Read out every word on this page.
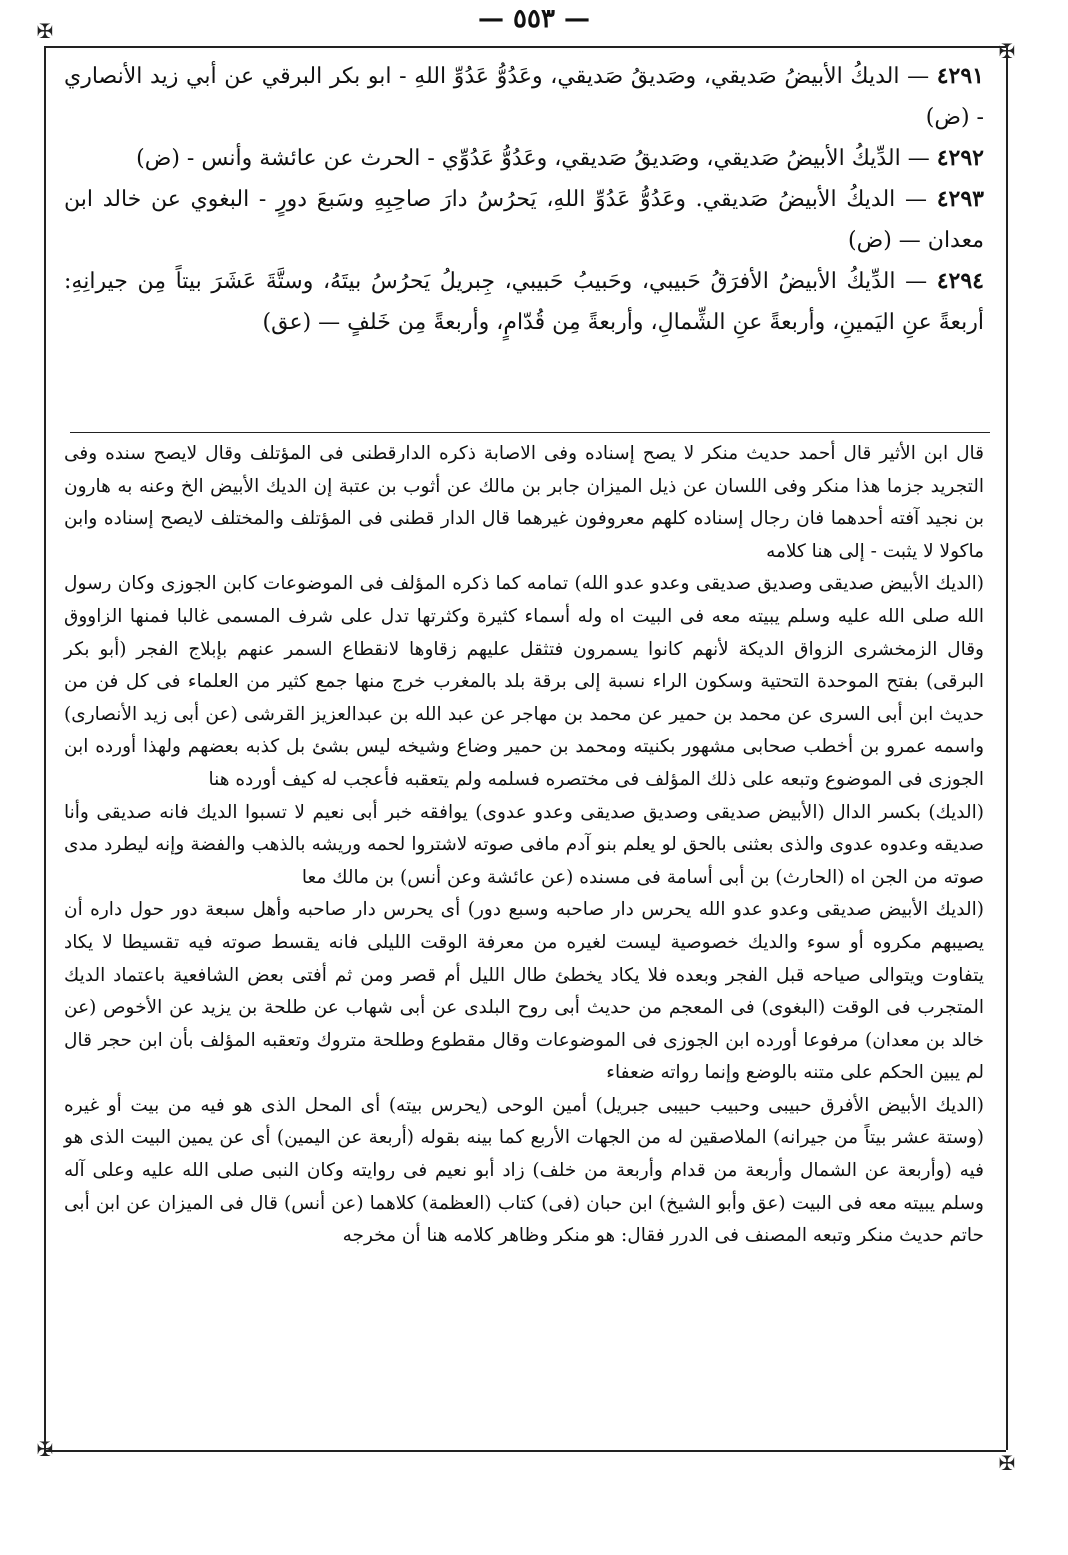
— ٥٥٣ —
✠
✠
✠
✠

٤٢٩١ — الديكُ الأبيضُ صَديقي، وصَديقُ صَديقي، وعَدُوُّ عَدُوِّ اللهِ - ابو بكر البرقي عن أبي زيد الأنصاري - (ض)

٤٢٩٢ — الدِّيكُ الأبيضُ صَديقي، وصَديقُ صَديقي، وعَدُوُّ عَدُوِّي - الحرث عن عائشة وأنس - (ض)

٤٢٩٣ — الديكُ الأبيضُ صَديقي. وعَدُوُّ عَدُوِّ اللهِ، يَحرُسُ دارَ صاحِبِهِ وسَبعَ دورٍ - البغوي عن خالد ابن معدان — (ض)

٤٢٩٤ — الدِّيكُ الأبيضُ الأفرَقُ حَبيبي، وحَبيبُ حَبيبي، جِبريلُ يَحرُسُ بيتَهُ، وستَّةَ عَشَرَ بيتاً مِن جيرانِهِ: أربعةً عنِ اليَمينِ، وأربعةً عنِ الشِّمالِ، وأربعةً مِن قُدّامٍ، وأربعةً مِن خَلفٍ — (عق)

قال ابن الأثير قال أحمد حديث منكر لا يصح إسناده وفى الاصابة ذكره الدارقطنى فى المؤتلف وقال لايصح سنده وفى التجريد جزما هذا منكر وفى اللسان عن ذيل الميزان جابر بن مالك عن أثوب بن عتبة إن الديك الأبيض الخ وعنه به هارون بن نجيد آفته أحدهما فان رجال إسناده كلهم معروفون غيرهما قال الدار قطنى فى المؤتلف والمختلف لايصح إسناده وابن ماكولا لا يثبت - إلى هنا كلامه

(الديك الأبيض صديقى وصديق صديقى وعدو عدو الله) تمامه كما ذكره المؤلف فى الموضوعات كابن الجوزى وكان رسول الله صلى الله عليه وسلم يبيته معه فى البيت اه وله أسماء كثيرة وكثرتها تدل على شرف المسمى غالبا فمنها الزاووق وقال الزمخشرى الزواق الديكة لأنهم كانوا يسمرون فتثقل عليهم زقاوها لانقطاع السمر عنهم بإبلاج الفجر (أبو بكر البرقى) بفتح الموحدة التحتية وسكون الراء نسبة إلى برقة بلد بالمغرب خرج منها جمع كثير من العلماء فى كل فن من حديث ابن أبى السرى عن محمد بن حمير عن محمد بن مهاجر عن عبد الله بن عبدالعزيز القرشى (عن أبى زيد الأنصارى) واسمه عمرو بن أخطب صحابى مشهور بكنيته ومحمد بن حمير وضاع وشيخه ليس بشئ بل كذبه بعضهم ولهذا أورده ابن الجوزى فى الموضوع وتبعه على ذلك المؤلف فى مختصره فسلمه ولم يتعقبه فأعجب له كيف أورده هنا

(الديك) بكسر الدال (الأبيض صديقى وصديق صديقى وعدو عدوى) يوافقه خبر أبى نعيم لا تسبوا الديك فانه صديقى وأنا صديقه وعدوه عدوى والذى بعثنى بالحق لو يعلم بنو آدم مافى صوته لاشتروا لحمه وريشه بالذهب والفضة وإنه ليطرد مدى صوته من الجن اه (الحارث) بن أبى أسامة فى مسنده (عن عائشة وعن أنس) بن مالك معا

(الديك الأبيض صديقى وعدو عدو الله يحرس دار صاحبه وسبع دور) أى يحرس دار صاحبه وأهل سبعة دور حول داره أن يصيبهم مكروه أو سوء والديك خصوصية ليست لغيره من معرفة الوقت الليلى فانه يقسط صوته فيه تقسيطا لا يكاد يتفاوت ويتوالى صياحه قبل الفجر وبعده فلا يكاد يخطئ طال الليل أم قصر ومن ثم أفتى بعض الشافعية باعتماد الديك المتجرب فى الوقت (البغوى) فى المعجم من حديث أبى روح البلدى عن أبى شهاب عن طلحة بن يزيد عن الأخوص (عن خالد بن معدان) مرفوعا أورده ابن الجوزى فى الموضوعات وقال مقطوع وطلحة متروك وتعقبه المؤلف بأن ابن حجر قال لم يبين الحكم على متنه بالوضع وإنما رواته ضعفاء

(الديك الأبيض الأفرق حبيبى وحبيب حبيبى جبريل) أمين الوحى (يحرس بيته) أى المحل الذى هو فيه من بيت أو غيره (وستة عشر بيتاً من جيرانه) الملاصقين له من الجهات الأربع كما بينه بقوله (أربعة عن اليمين) أى عن يمين البيت الذى هو فيه (وأربعة عن الشمال وأربعة من قدام وأربعة من خلف) زاد أبو نعيم فى روايته وكان النبى صلى الله عليه وعلى آله وسلم يبيته معه فى البيت (عق وأبو الشيخ) ابن حبان (فى) كتاب (العظمة) كلاهما (عن أنس) قال فى الميزان عن ابن أبى حاتم حديث منكر وتبعه المصنف فى الدرر فقال: هو منكر وظاهر كلامه هنا أن مخرجه
